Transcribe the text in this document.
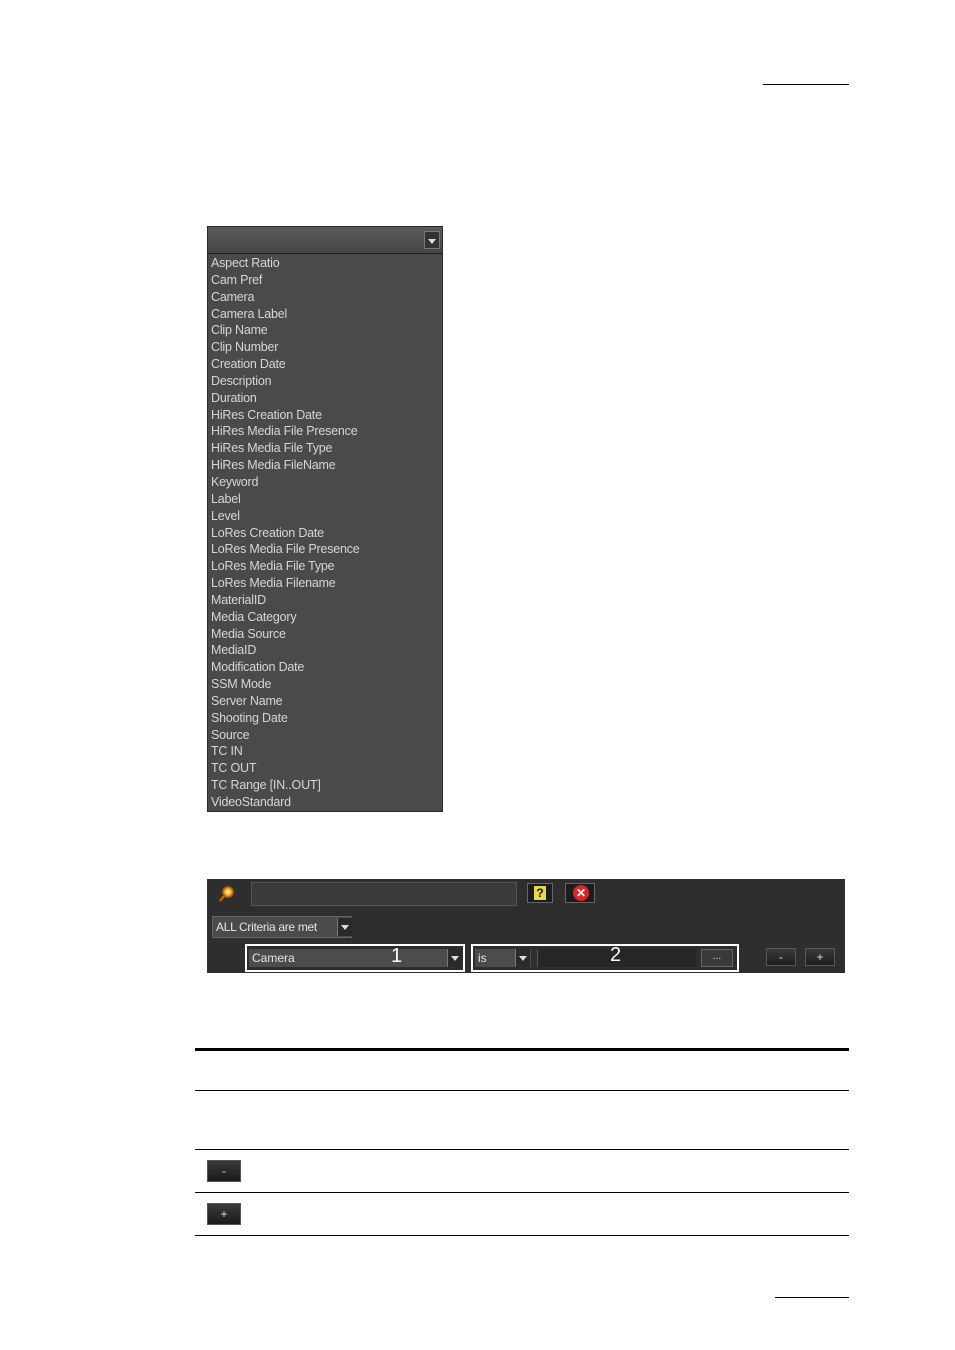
Aspect Ratio
Cam Pref
Camera
Camera Label
Clip Name
Clip Number
Creation Date
Description
Duration
HiRes Creation Date
HiRes Media File Presence
HiRes Media File Type
HiRes Media FileName
Keyword
Label
Level
LoRes Creation Date
LoRes Media File Presence
LoRes Media File Type
LoRes Media Filename
MaterialID
Media Category
Media Source
MediaID
Modification Date
SSM Mode
Server Name
Shooting Date
Source
TC IN
TC OUT
TC Range [IN..OUT]
VideoStandard
?	✕
ALL Criteria are met
Camera	1	is	2	...	-	+
-
+
